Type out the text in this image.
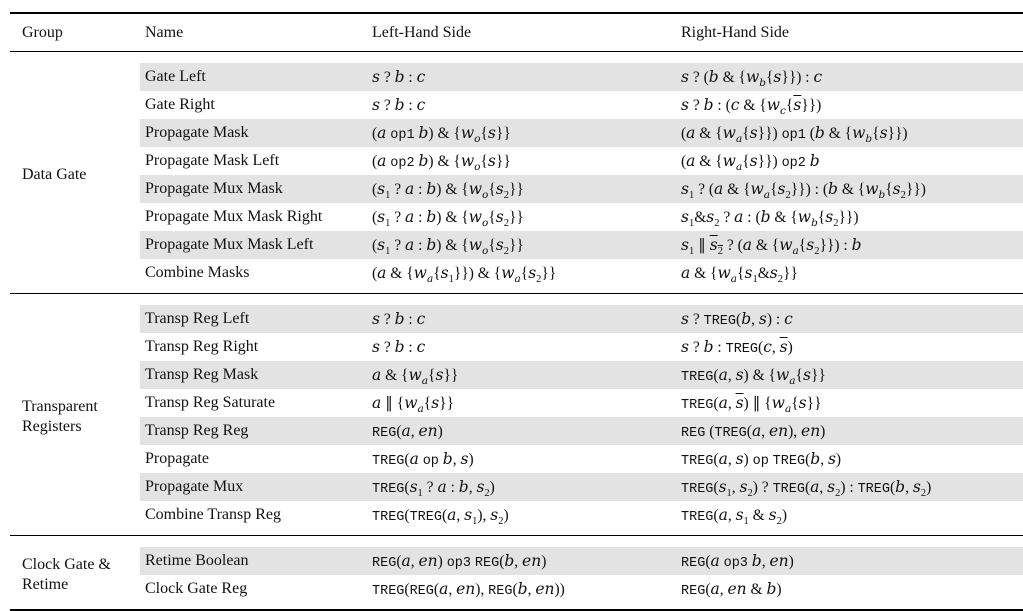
Group	Name	Left-Hand Side	Right-Hand Side

Data Gate	Gate Left	s ? b : c	s ? (b & $\{w_b\{s\}\}$) : c
	Gate Right	s ? b : c	s ? b : (c & $\{w_c\{\overline{s}\}\}$)
	Propagate Mask	(a op1 b) & $\{w_o\{s\}\}$	(a & $\{w_a\{s\}\}$) op1 (b & $\{w_b\{s\}\}$)
	Propagate Mask Left	(a op2 b) & $\{w_o\{s\}\}$	(a & $\{w_a\{s\}\}$) op2 b
	Propagate Mux Mask	($s_1$ ? a : b) & $\{w_o\{s_2\}\}$	$s_1$ ? (a & $\{w_a\{s_2\}\}$) : (b & $\{w_b\{s_2\}\}$)
	Propagate Mux Mask Right	($s_1$ ? a : b) & $\{w_o\{s_2\}\}$	$s_1\&s_2$ ? a : (b & $\{w_b\{s_2\}\}$)
	Propagate Mux Mask Left	($s_1$ ? a : b) & $\{w_o\{s_2\}\}$	$s_1$ ∥ $s_2$ ? (a & $\{w_a\{s_2\}\}$) : b
	Combine Masks	(a & $\{w_a\{s_1\}\}$) & $\{w_a\{s_2\}\}$	a & $\{w_a\{s_1\&s_2\}\}$

Transparent Registers	Transp Reg Left	s ? b : c	s ? TREG(b, s) : c
	Transp Reg Right	s ? b : c	s ? b : TREG(c, $\overline{s}$)
	Transp Reg Mask	a & $\{w_a\{s\}\}$	TREG(a, s) & $\{w_a\{s\}\}$
	Transp Reg Saturate	a ∥ $\{w_a\{s\}\}$	TREG(a, $\overline{s}$) ∥ $\{w_a\{s\}\}$
	Transp Reg Reg	REG(a, en)	REG (TREG(a, en), en)
	Propagate	TREG(a op b, s)	TREG(a, s) op TREG(b, s)
	Propagate Mux	$TREG(s_1$ ? a : b, $s_2$)	$TREG(s_1$, $s_2$) ? TREG(a, $s_2$) : TREG(b, $s_2$)
	Combine Transp Reg	TREG(TREG(a, $s_1$), $s_2$)	TREG(a, $s_1$ & $s_2$)

Clock Gate & Retime	Retime Boolean	REG(a, en) op3 REG(b, en)	REG(a op3 b, en)
	Clock Gate Reg	TREG(REG(a, en), REG(b, en))	REG(a, en & b)
